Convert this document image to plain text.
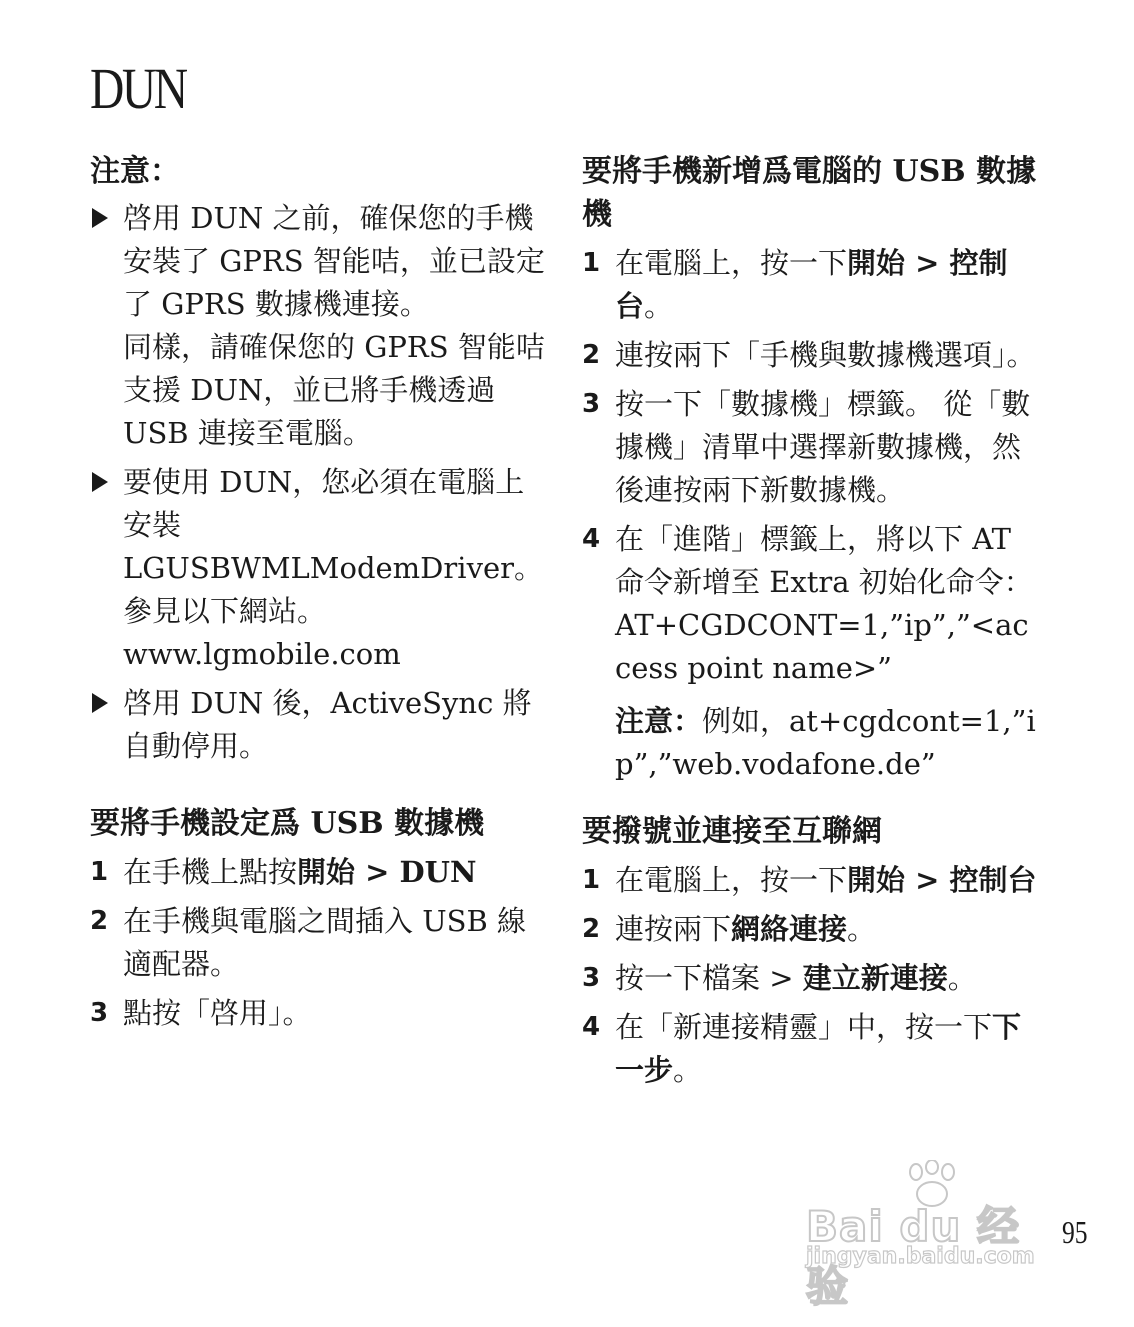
DUN
注意：
啓用 DUN 之前，確保您的手機安裝了 GPRS 智能咭，並已設定了 GPRS 數據機連接。
同樣，請確保您的 GPRS 智能咭支援 DUN，並已將手機透過 USB 連接至電腦。
要使用 DUN，您必須在電腦上安裝 LGUSBWMLModemDriver。 參見以下網站。 www.lgmobile.com
啓用 DUN 後，ActiveSync 將自動停用。
要將手機設定爲 USB 數據機
1 在手機上點按開始 > DUN
2 在手機與電腦之間插入 USB 線適配器。
3 點按「啓用」。
要將手機新增爲電腦的 USB 數據機
1 在電腦上，按一下開始 > 控制台。
2 連按兩下「手機與數據機選項」。
3 按一下「數據機」標籤。 從「數據機」清單中選擇新數據機，然後連按兩下新數據機。
4 在「進階」標籤上，將以下 AT 命令新增至 Extra 初始化命令：AT+CGDCONT=1,”ip”,”<access point name>”
注意：例如，at+cgdcont=1,”ip”,”web.vodafone.de”
要撥號並連接至互聯網
1 在電腦上，按一下開始 > 控制台
2 連按兩下網絡連接。
3 按一下檔案 > 建立新連接。
4 在「新連接精靈」中，按一下下一步。
Bai du 经验
jingyan.baidu.com
95
